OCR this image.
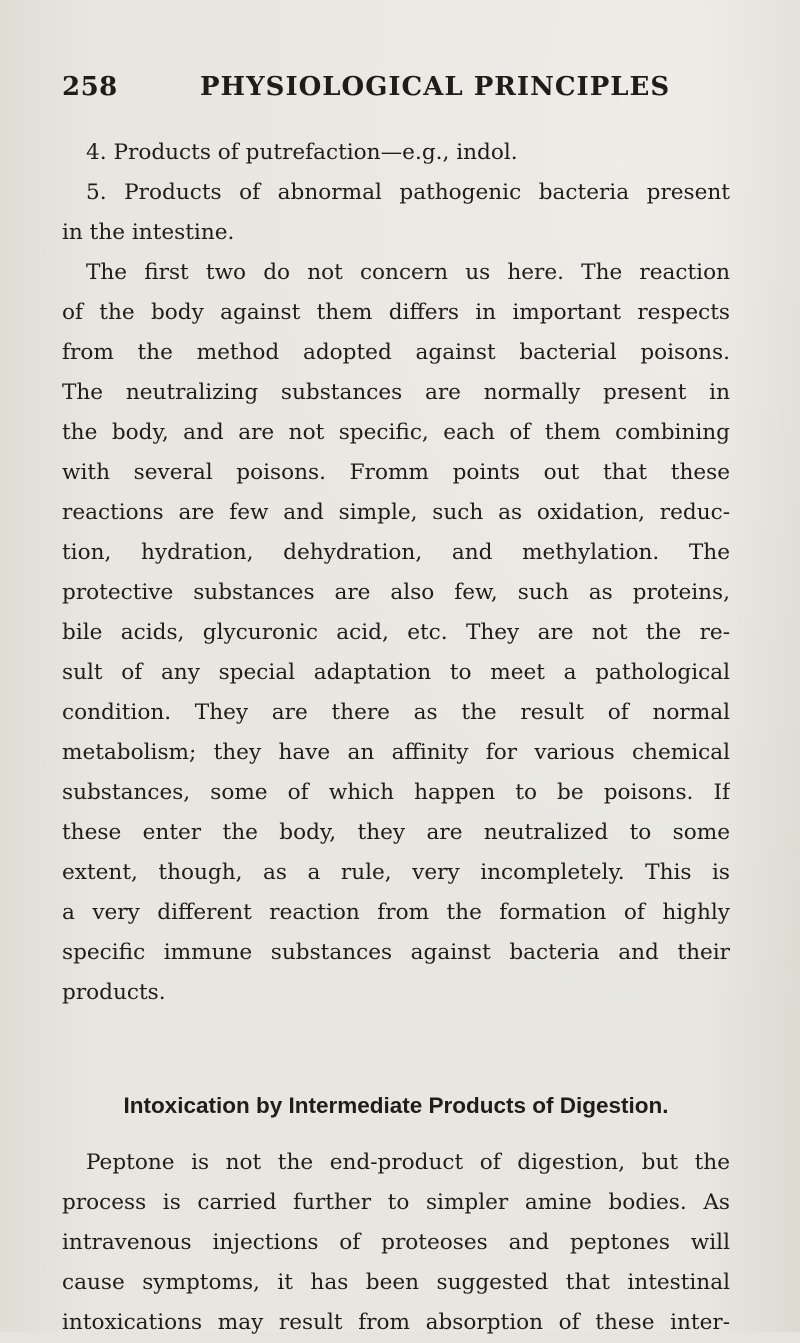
258	PHYSIOLOGICAL PRINCIPLES
4. Products of putrefaction—e.g., indol.
5. Products of abnormal pathogenic bacteria present
in the intestine.
The first two do not concern us here. The reaction
of the body against them differs in important respects
from the method adopted against bacterial poisons.
The neutralizing substances are normally present in
the body, and are not specific, each of them combining
with several poisons. Fromm points out that these
reactions are few and simple, such as oxidation, reduc-
tion, hydration, dehydration, and methylation. The
protective substances are also few, such as proteins,
bile acids, glycuronic acid, etc. They are not the re-
sult of any special adaptation to meet a pathological
condition. They are there as the result of normal
metabolism; they have an affinity for various chemical
substances, some of which happen to be poisons. If
these enter the body, they are neutralized to some
extent, though, as a rule, very incompletely. This is
a very different reaction from the formation of highly
specific immune substances against bacteria and their
products.
Intoxication by Intermediate Products of Digestion.
Peptone is not the end-product of digestion, but the
process is carried further to simpler amine bodies. As
intravenous injections of proteoses and peptones will
cause symptoms, it has been suggested that intestinal
intoxications may result from absorption of these inter-
